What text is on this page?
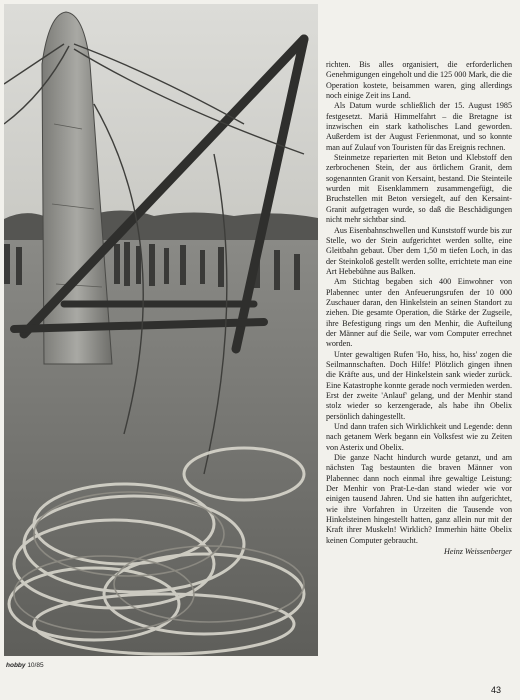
richten. Bis alles organisiert, die erforderlichen Genehmigungen eingeholt und die 125 000 Mark, die die Operation kostete, beisammen waren, ging allerdings noch einige Zeit ins Land.

Als Datum wurde schließlich der 15. August 1985 festgesetzt. Mariä Himmelfahrt – die Bretagne ist inzwischen ein stark katholisches Land geworden. Außerdem ist der August Ferienmonat, und so konnte man auf Zulauf von Touristen für das Ereignis rechnen.

Steinmetze reparierten mit Beton und Klebstoff den zerbrochenen Stein, der aus örtlichem Granit, dem sogenannten Granit von Kersaint, bestand. Die Steinteile wurden mit Eisenklammern zusammengefügt, die Bruchstellen mit Beton versiegelt, auf den Kersaint-Granit aufgetragen wurde, so daß die Beschädigungen nicht mehr sichtbar sind.

Aus Eisenbahnschwellen und Kunststoff wurde bis zur Stelle, wo der Stein aufgerichtet werden sollte, eine Gleitbahn gebaut. Über dem 1,50 m tiefen Loch, in das der Steinkoloß gestellt werden sollte, errichtete man eine Art Hebebühne aus Balken.

Am Stichtag begaben sich 400 Einwohner von Plabennec unter den Anfeuerungsrufen der 10 000 Zuschauer daran, den Hinkelstein an seinen Standort zu ziehen. Die gesamte Operation, die Stärke der Zugseile, ihre Befestigung rings um den Menhir, die Aufteilung der Männer auf die Seile, war vom Computer errechnet worden.

Unter gewaltigen Rufen 'Ho, hiss, ho, hiss' zogen die Seilmannschaften. Doch Hilfe! Plötzlich gingen ihnen die Kräfte aus, und der Hinkelstein sank wieder zurück. Eine Katastrophe konnte gerade noch vermieden werden. Erst der zweite 'Anlauf' gelang, und der Menhir stand stolz wieder so kerzengerade, als habe ihn Obelix persönlich dahingestellt.

Und dann trafen sich Wirklichkeit und Legende: denn nach getanem Werk begann ein Volksfest wie zu Zeiten von Asterix und Obelix.

Die ganze Nacht hindurch wurde getanzt, und am nächsten Tag bestaunten die braven Männer von Plabennec dann noch einmal ihre gewaltige Leistung: Der Menhir von Prat-Le-dan stand wieder wie vor einigen tausend Jahren. Und sie hatten ihn aufgerichtet, wie ihre Vorfahren in Urzeiten die Tausende von Hinkelsteinen hingestellt hatten, ganz allein nur mit der Kraft ihrer Muskeln! Wirklich? Immerhin hätte Obelix keinen Computer gebraucht.

Heinz Weissenberger

hobby 10/85
43
